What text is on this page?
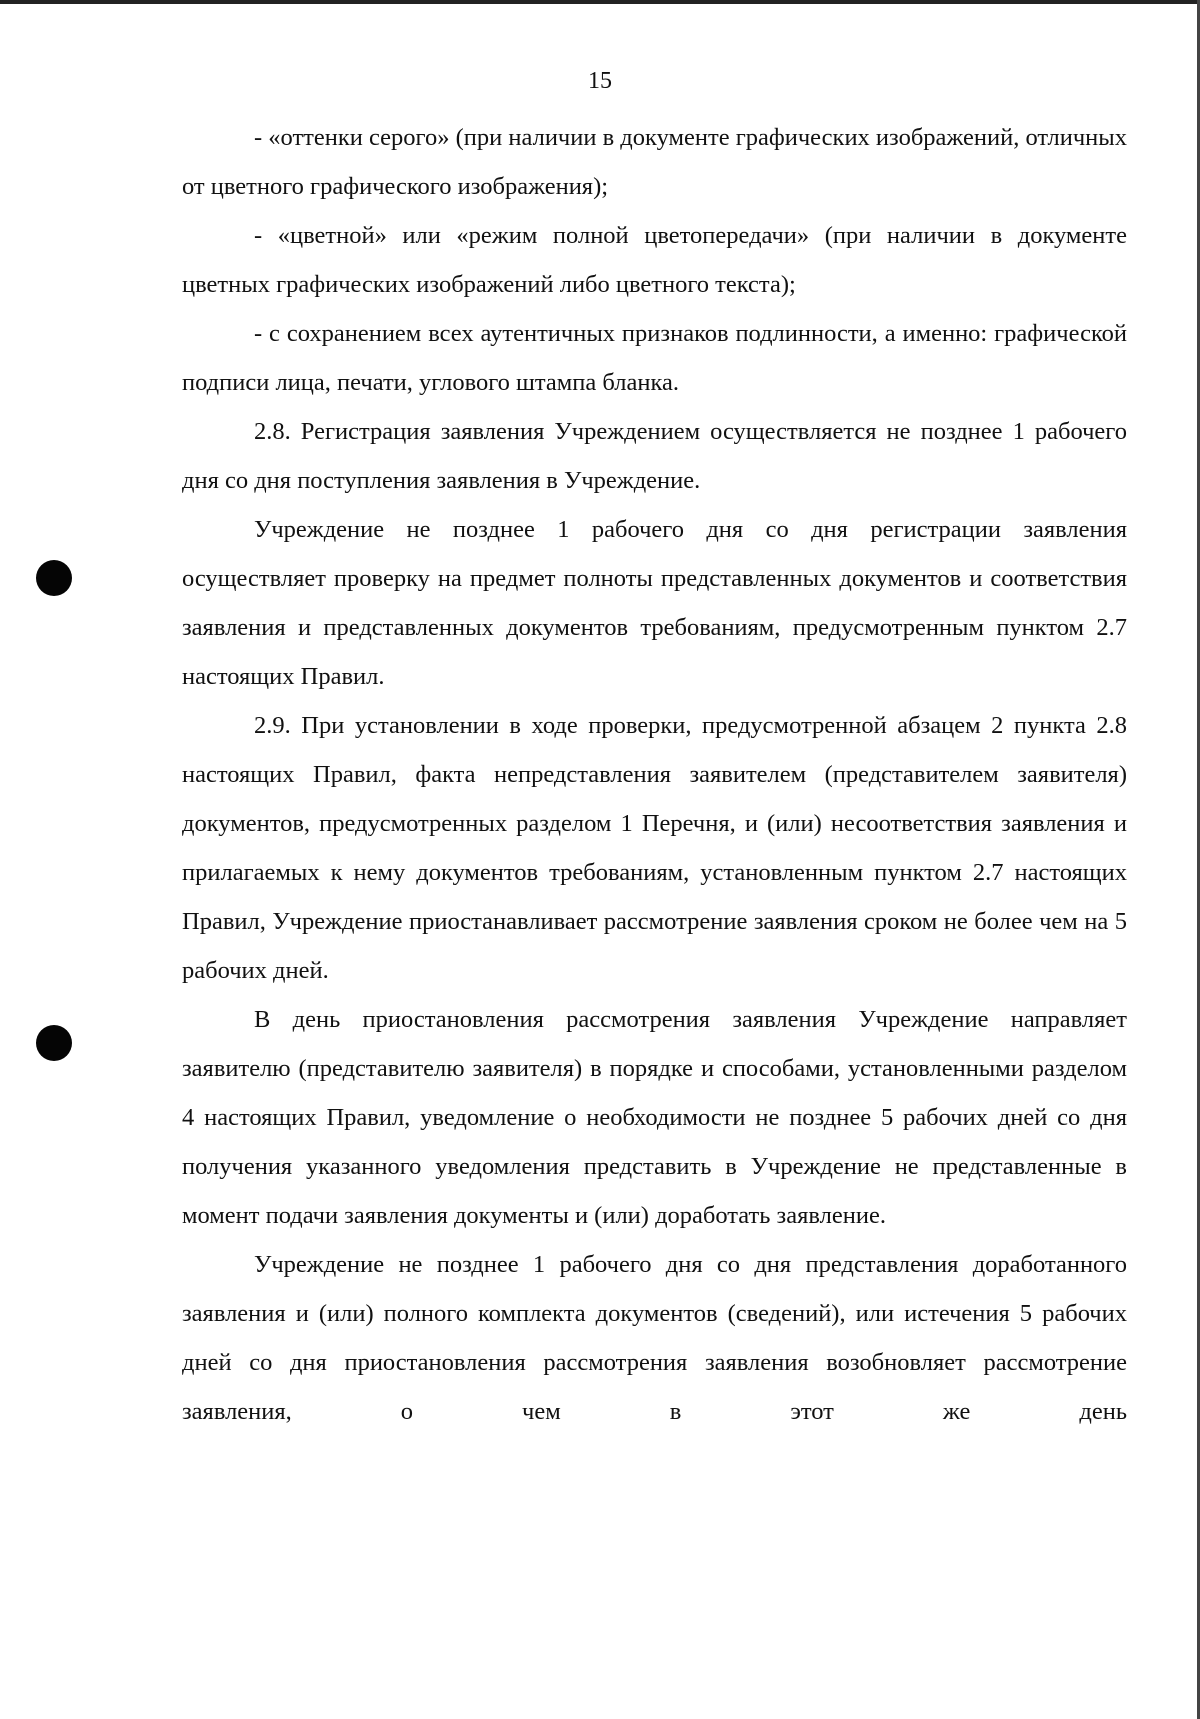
15

- «оттенки серого» (при наличии в документе графических изображений, отличных от цветного графического изображения);

- «цветной» или «режим полной цветопередачи» (при наличии в документе цветных графических изображений либо цветного текста);

- с сохранением всех аутентичных признаков подлинности, а именно: графической подписи лица, печати, углового штампа бланка.

2.8. Регистрация заявления Учреждением осуществляется не позднее 1 рабочего дня со дня поступления заявления в Учреждение.

Учреждение не позднее 1 рабочего дня со дня регистрации заявления осуществляет проверку на предмет полноты представленных документов и соответствия заявления и представленных документов требованиям, предусмотренным пунктом 2.7 настоящих Правил.

2.9. При установлении в ходе проверки, предусмотренной абзацем 2 пункта 2.8 настоящих Правил, факта непредставления заявителем (представителем заявителя) документов, предусмотренных разделом 1 Перечня, и (или) несоответствия заявления и прилагаемых к нему документов требованиям, установленным пунктом 2.7 настоящих Правил, Учреждение приостанавливает рассмотрение заявления сроком не более чем на 5 рабочих дней.

В день приостановления рассмотрения заявления Учреждение направляет заявителю (представителю заявителя) в порядке и способами, установленными разделом 4 настоящих Правил, уведомление о необходимости не позднее 5 рабочих дней со дня получения указанного уведомления представить в Учреждение не представленные в момент подачи заявления документы и (или) доработать заявление.

Учреждение не позднее 1 рабочего дня со дня представления доработанного заявления и (или) полного комплекта документов (сведений), или истечения 5 рабочих дней со дня приостановления рассмотрения заявления возобновляет рассмотрение заявления, о чем в этот же день
